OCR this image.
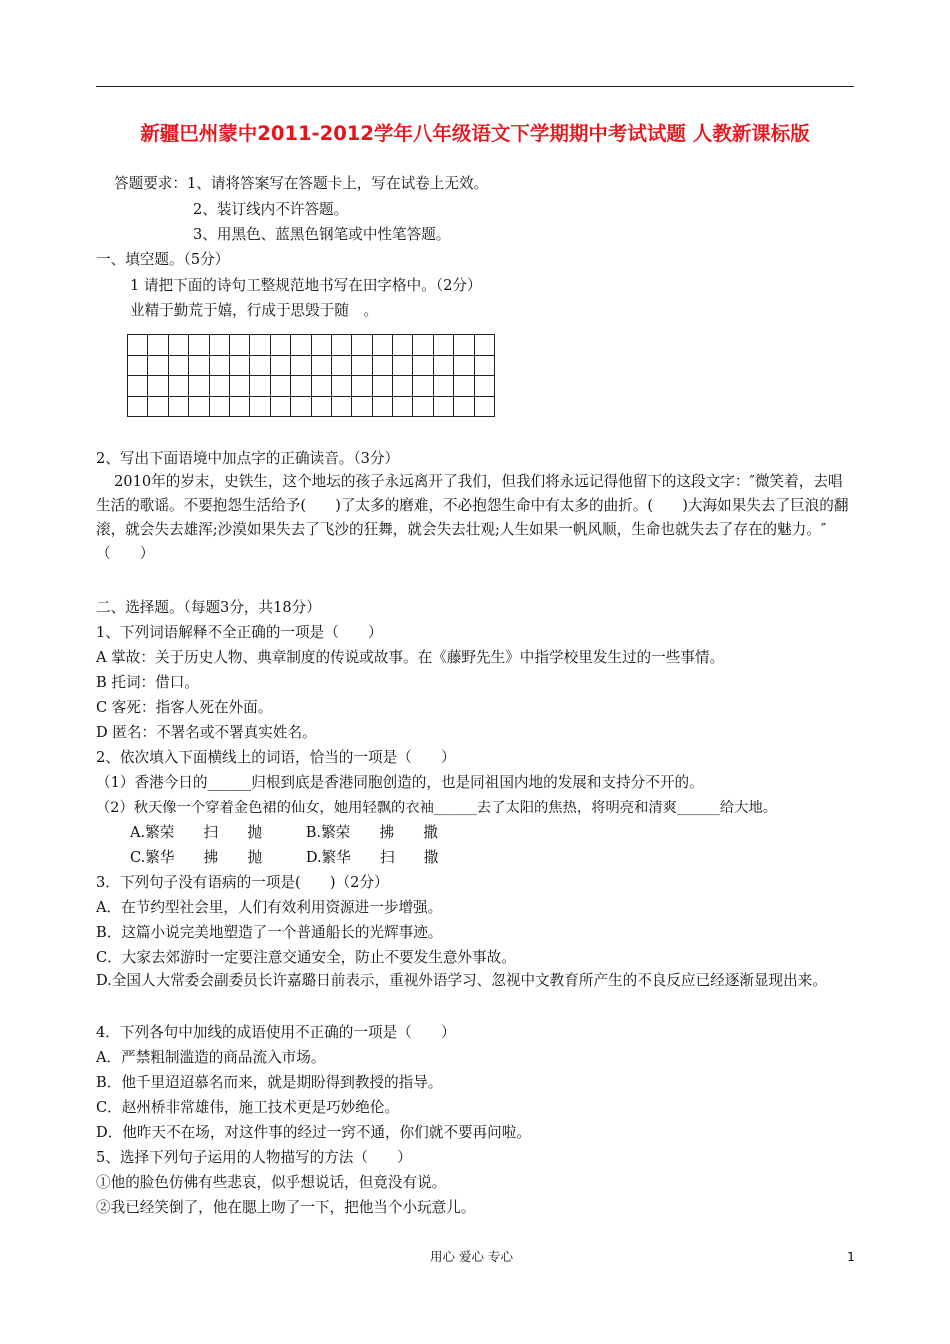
新疆巴州蒙中2011-2012学年八年级语文下学期期中考试试题 人教新课标版
答题要求：1、请将答案写在答题卡上，写在试卷上无效。
2、装订线内不许答题。
3、用黑色、蓝黑色钢笔或中性笔答题。
一、填空题。（5分）
1 请把下面的诗句工整规范地书写在田字格中。（2分）
业精于勤荒于嬉，行成于思毁于随　。

2、写出下面语境中加点字的正确读音。（3分）
2010年的岁末，史铁生，这个地坛的孩子永远离开了我们，但我们将永远记得他留下的这段文字：″微笑着，去唱生活的歌谣。不要抱怨生活给予(　　)了太多的磨难，不必抱怨生命中有太多的曲折。(　　)大海如果失去了巨浪的翻滚，就会失去雄浑;沙漠如果失去了飞沙的狂舞，就会失去壮观;人生如果一帆风顺，生命也就失去了存在的魅力。″（　　）
二、选择题。（每题3分，共18分）
1、下列词语解释不全正确的一项是（　　）
A 掌故：关于历史人物、典章制度的传说或故事。在《藤野先生》中指学校里发生过的一些事情。
B 托词：借口。
C 客死：指客人死在外面。
D 匿名：不署名或不署真实姓名。
2、依次填入下面横线上的词语，恰当的一项是（　　）
（1）香港今日的______归根到底是香港同胞创造的，也是同祖国内地的发展和支持分不开的。
（2）秋天像一个穿着金色裙的仙女，她用轻飘的衣袖______去了太阳的焦热，将明亮和清爽______给大地。
A.繁荣　　扫　　抛　　　B.繁荣　　拂　　撒
C.繁华　　拂　　抛　　　D.繁华　　扫　　撒
3．下列句子没有语病的一项是(　　)（2分）
A．在节约型社会里，人们有效利用资源进一步增强。
B．这篇小说完美地塑造了一个普通船长的光辉事迹。
C．大家去郊游时一定要注意交通安全，防止不要发生意外事故。
D.全国人大常委会副委员长许嘉璐日前表示，重视外语学习、忽视中文教育所产生的不良反应已经逐渐显现出来。
4．下列各句中加线的成语使用不正确的一项是（　　）
A．严禁粗制滥造的商品流入市场。
B．他千里迢迢慕名而来，就是期盼得到教授的指导。
C．赵州桥非常雄伟，施工技术更是巧妙绝伦。
D．他昨天不在场，对这件事的经过一窍不通，你们就不要再问啦。
5、选择下列句子运用的人物描写的方法（　　）
①他的脸色仿佛有些悲哀，似乎想说话，但竟没有说。
②我已经笑倒了，他在腮上吻了一下，把他当个小玩意儿。
用心 爱心 专心	1
